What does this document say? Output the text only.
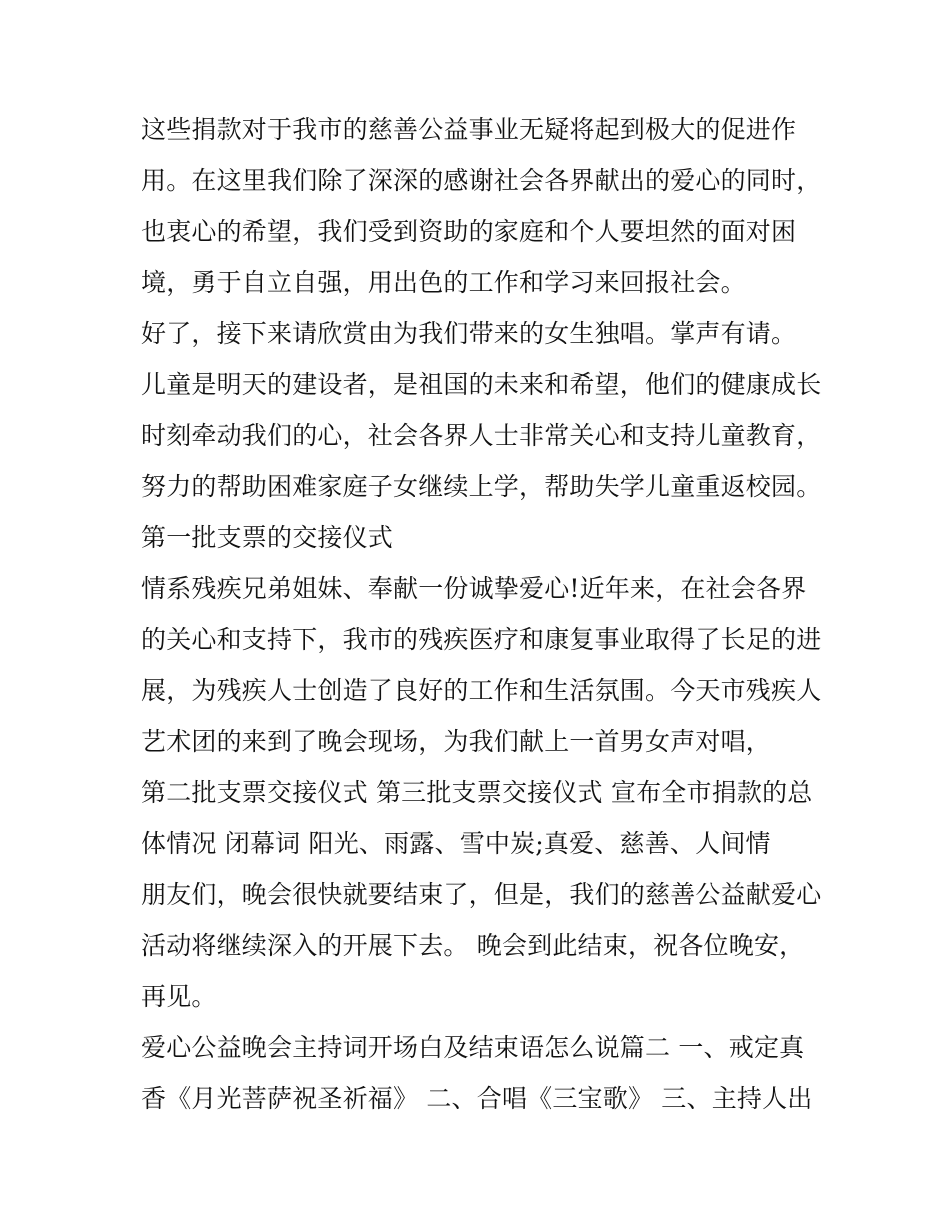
这些捐款对于我市的慈善公益事业无疑将起到极大的促进作
用。在这里我们除了深深的感谢社会各界献出的爱心的同时，
也衷心的希望，我们受到资助的家庭和个人要坦然的面对困
境，勇于自立自强，用出色的工作和学习来回报社会。
好了，接下来请欣赏由为我们带来的女生独唱。掌声有请。
儿童是明天的建设者，是祖国的未来和希望，他们的健康成长
时刻牵动我们的心，社会各界人士非常关心和支持儿童教育，
努力的帮助困难家庭子女继续上学，帮助失学儿童重返校园。
第一批支票的交接仪式
情系残疾兄弟姐妹、奉献一份诚挚爱心!近年来，在社会各界
的关心和支持下，我市的残疾医疗和康复事业取得了长足的进
展，为残疾人士创造了良好的工作和生活氛围。今天市残疾人
艺术团的来到了晚会现场，为我们献上一首男女声对唱，
第二批支票交接仪式 第三批支票交接仪式 宣布全市捐款的总
体情况 闭幕词 阳光、雨露、雪中炭;真爱、慈善、人间情
朋友们，晚会很快就要结束了，但是，我们的慈善公益献爱心
活动将继续深入的开展下去。 晚会到此结束，祝各位晚安，
再见。
爱心公益晚会主持词开场白及结束语怎么说篇二 一、戒定真
香《月光菩萨祝圣祈福》 二、合唱《三宝歌》 三、主持人出
